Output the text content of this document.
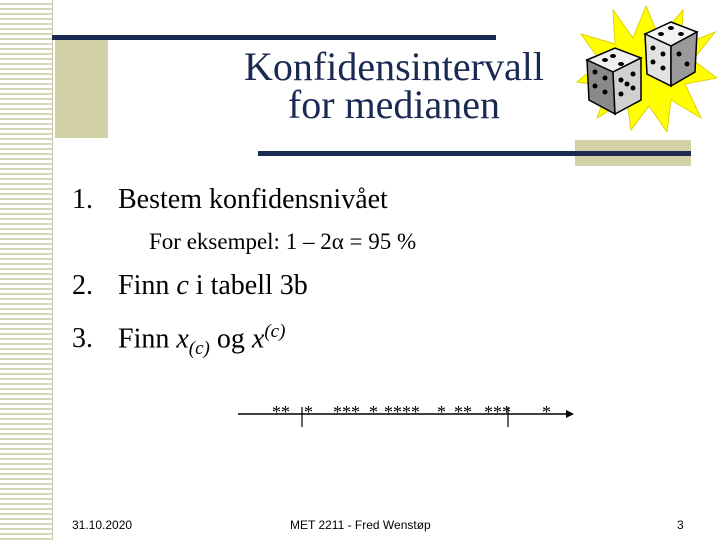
Konfidensintervall
for medianen
1. Bestem konfidensnivået
For eksempel: 1 – 2α = 95 %
2. Finn c i tabell 3b
3. Finn $x_{(c)}$ og $x^{(c)}$
** * *** * **** * ** *** *
31.10.2020	MET 2211 - Fred Wenstøp	3
